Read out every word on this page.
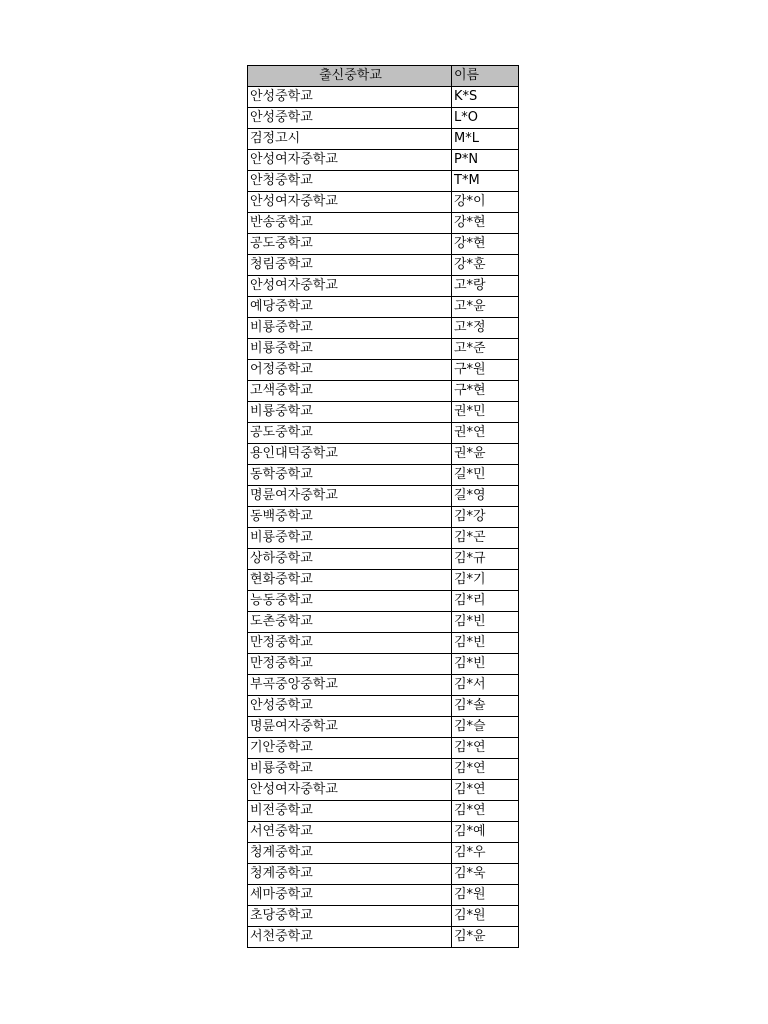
출신중학교	이름
안성중학교	K*S
안성중학교	L*O
검정고시	M*L
안성여자중학교	P*N
안청중학교	T*M
안성여자중학교	강*이
반송중학교	강*현
공도중학교	강*현
청림중학교	강*훈
안성여자중학교	고*랑
예당중학교	고*윤
비룡중학교	고*정
비룡중학교	고*준
어정중학교	구*원
고색중학교	구*현
비룡중학교	권*민
공도중학교	권*연
용인대덕중학교	권*윤
동학중학교	길*민
명륜여자중학교	길*영
동백중학교	김*강
비룡중학교	김*곤
상하중학교	김*규
현화중학교	김*기
능동중학교	김*리
도촌중학교	김*빈
만정중학교	김*빈
만정중학교	김*빈
부곡중앙중학교	김*서
안성중학교	김*솔
명륜여자중학교	김*슬
기안중학교	김*연
비룡중학교	김*연
안성여자중학교	김*연
비전중학교	김*연
서연중학교	김*예
청계중학교	김*우
청계중학교	김*욱
세마중학교	김*원
초당중학교	김*원
서천중학교	김*윤
